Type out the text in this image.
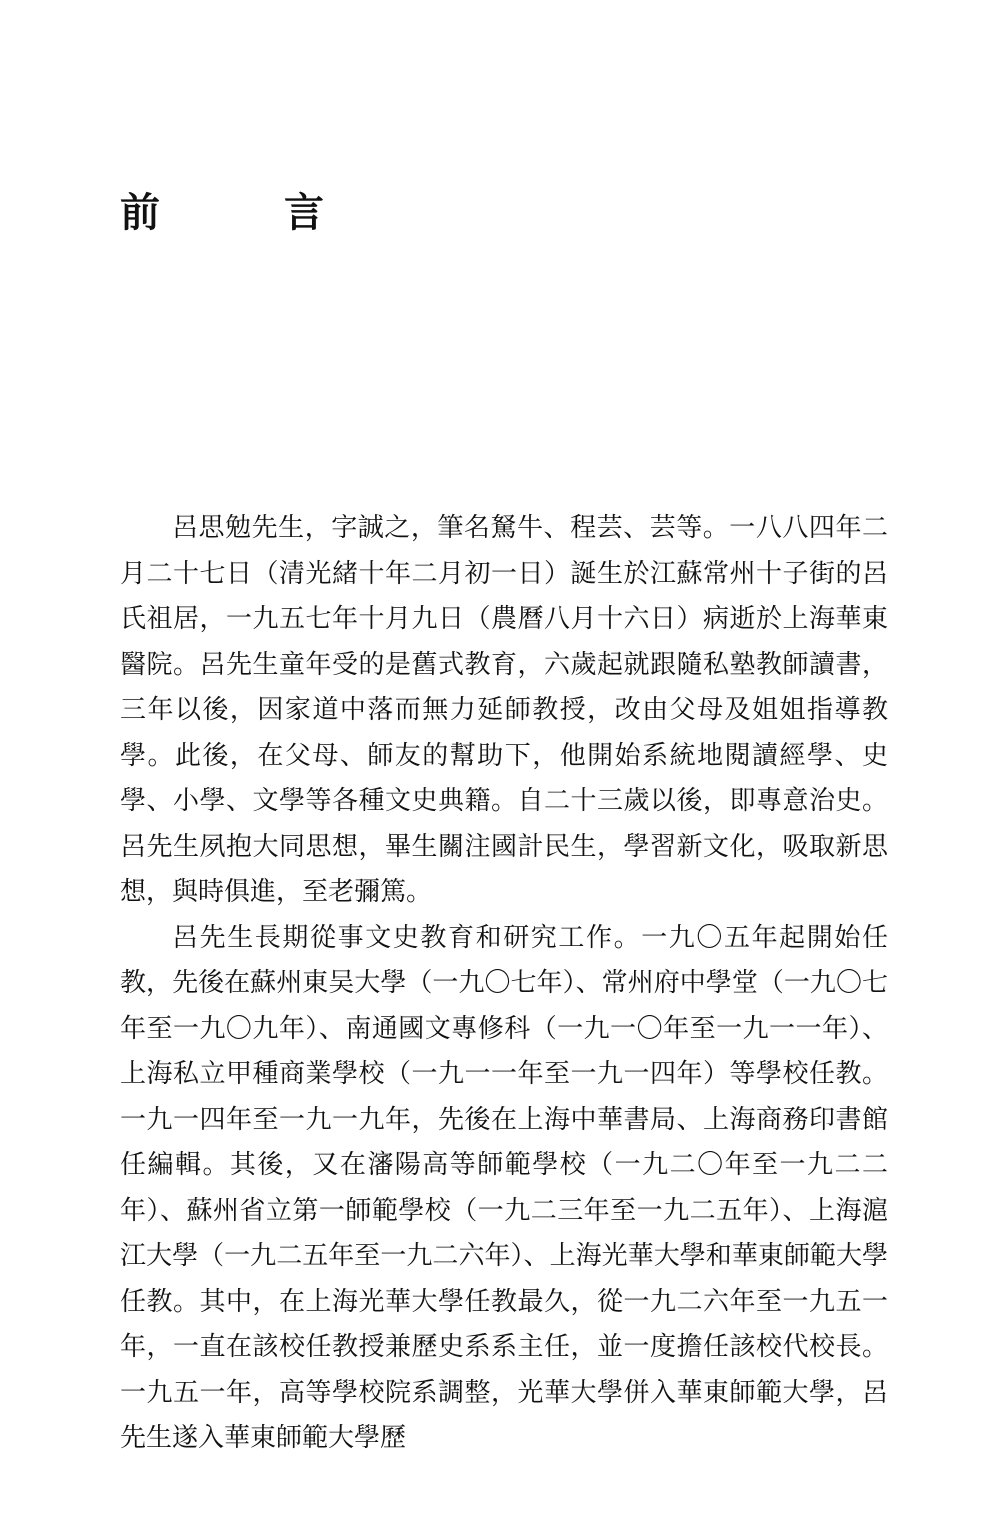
前　言

呂思勉先生，字誠之，筆名駑牛、程芸、芸等。一八八四年二月二十七日（清光緒十年二月初一日）誕生於江蘇常州十子街的呂氏祖居，一九五七年十月九日（農曆八月十六日）病逝於上海華東醫院。呂先生童年受的是舊式教育，六歲起就跟隨私塾教師讀書，三年以後，因家道中落而無力延師教授，改由父母及姐姐指導教學。此後，在父母、師友的幫助下，他開始系統地閱讀經學、史學、小學、文學等各種文史典籍。自二十三歲以後，即專意治史。呂先生夙抱大同思想，畢生關注國計民生，學習新文化，吸取新思想，與時俱進，至老彌篤。

呂先生長期從事文史教育和研究工作。一九〇五年起開始任教，先後在蘇州東吴大學（一九〇七年）、常州府中學堂（一九〇七年至一九〇九年）、南通國文專修科（一九一〇年至一九一一年）、上海私立甲種商業學校（一九一一年至一九一四年）等學校任教。一九一四年至一九一九年，先後在上海中華書局、上海商務印書館任編輯。其後，又在瀋陽高等師範學校（一九二〇年至一九二二年）、蘇州省立第一師範學校（一九二三年至一九二五年）、上海滬江大學（一九二五年至一九二六年）、上海光華大學和華東師範大學任教。其中，在上海光華大學任教最久，從一九二六年至一九五一年，一直在該校任教授兼歷史系系主任，並一度擔任該校代校長。一九五一年，高等學校院系調整，光華大學併入華東師範大學，呂先生遂入華東師範大學歷
